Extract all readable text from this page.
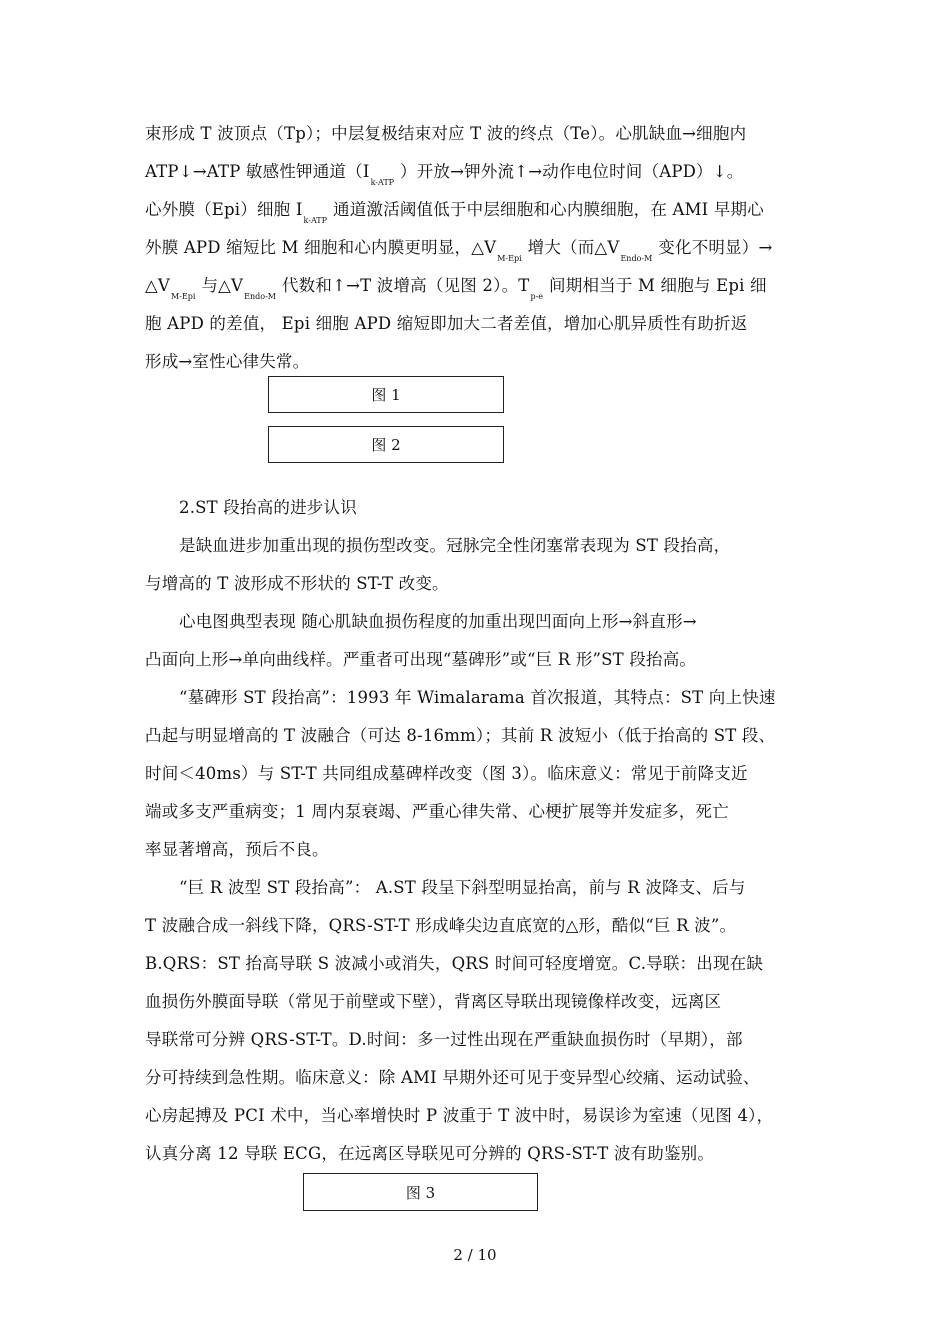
束形成 T 波顶点（Tp）；中层复极结束对应 T 波的终点（Te）。心肌缺血→细胞内
ATP↓→ATP 敏感性钾通道$(I_{k-ATP})$开放→钾外流↑→动作电位时间（APD）↓。
心外膜（Epi）细胞 $I_{k-ATP}$通道激活阈值低于中层细胞和心内膜细胞，在 AMI 早期心
外膜 APD 缩短比 M 细胞和心内膜更明显，$\triangle V_{M-Epi}$增大（而$\triangle V_{Endo-M}$变化不明显）→
$\triangle V_{M-Epi}$与$\triangle V_{Endo-M}$代数和↑→T 波增高（见图 2）。$T_{p-e}$间期相当于 M 细胞与 Epi 细
胞 APD 的差值， Epi 细胞 APD 缩短即加大二者差值，增加心肌异质性有助折返
形成→室性心律失常。
图 1
图 2
2.ST 段抬高的进步认识
是缺血进步加重出现的损伤型改变。冠脉完全性闭塞常表现为 ST 段抬高，
与增高的 T 波形成不形状的 ST-T 改变。
心电图典型表现 随心肌缺血损伤程度的加重出现凹面向上形→斜直形→
凸面向上形→单向曲线样。严重者可出现“墓碑形”或“巨 R 形”ST 段抬高。
“墓碑形 ST 段抬高”：1993 年 Wimalarama 首次报道，其特点：ST 向上快速
凸起与明显增高的 T 波融合（可达 8-16mm）；其前 R 波短小（低于抬高的 ST 段、
时间＜40ms）与 ST-T 共同组成墓碑样改变（图 3）。临床意义：常见于前降支近
端或多支严重病变；1 周内泵衰竭、严重心律失常、心梗扩展等并发症多，死亡
率显著增高，预后不良。
“巨 R 波型 ST 段抬高”： A.ST 段呈下斜型明显抬高，前与 R 波降支、后与
T 波融合成一斜线下降，QRS-ST-T 形成峰尖边直底宽的△形，酷似“巨 R 波”。
B.QRS：ST 抬高导联 S 波减小或消失，QRS 时间可轻度增宽。C.导联：出现在缺
血损伤外膜面导联（常见于前壁或下壁），背离区导联出现镜像样改变，远离区
导联常可分辨 QRS-ST-T。D.时间：多一过性出现在严重缺血损伤时（早期），部
分可持续到急性期。临床意义：除 AMI 早期外还可见于变异型心绞痛、运动试验、
心房起搏及 PCI 术中，当心率增快时 P 波重于 T 波中时，易误诊为室速（见图 4），
认真分离 12 导联 ECG，在远离区导联见可分辨的 QRS-ST-T 波有助鉴别。
图 3
2 / 10
